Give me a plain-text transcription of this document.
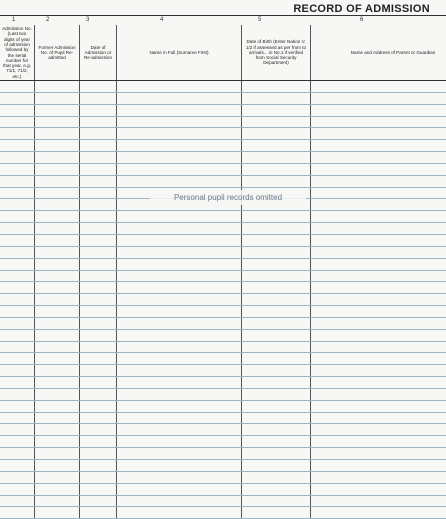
RECORD OF ADMISSION
1	2	3	4	5	6
Admission No. (Last two digits of year of admission followed by the serial number for that year, e.g. 71/1, 71/2, etc.)	Former Admission No. of Pupil Re-admitted	Date of Admission or Re-admission	Name in Full (Surname First)	Date of Birth (Enter Nation V. 1/2 if assessed as per from to arrivals... in No.1 if verified from Social Security Department)	Name and Address of Parent or Guardian

Personal pupil records omitted
